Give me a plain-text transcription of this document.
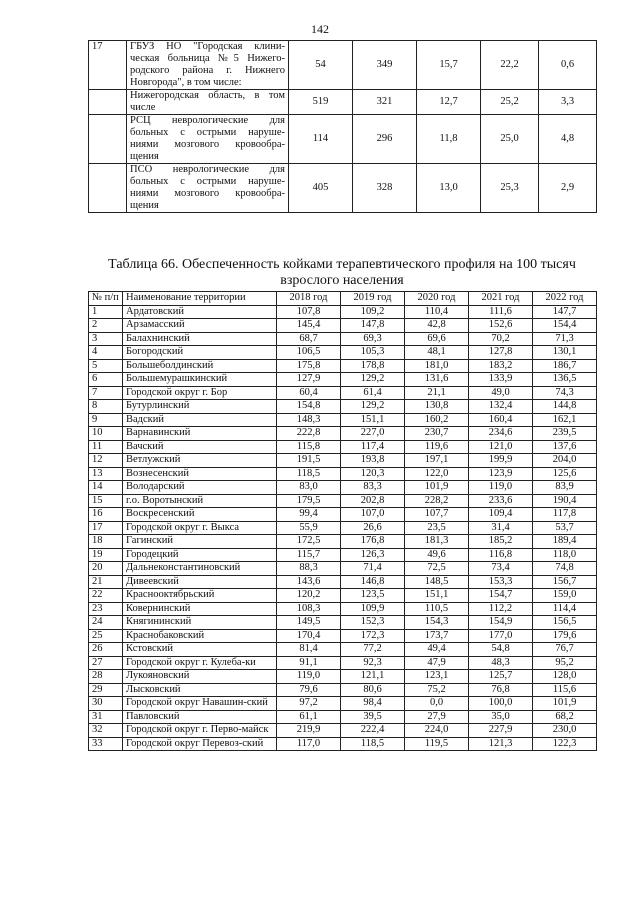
142
17	ГБУЗ НО "Городская клини-ческая больница №5 Нижего-родского района г. Нижнего Новгорода", в том числе:	54	349	15,7	22,2	0,6
	Нижегородская область, в том числе	519	321	12,7	25,2	3,3
	РСЦ неврологические для больных с острыми наруше-ниями мозгового кровообра-щения	114	296	11,8	25,0	4,8
	ПСО неврологические для больных с острыми наруше-ниями мозгового кровообра-щения	405	328	13,0	25,3	2,9
Таблица 66. Обеспеченность койками терапевтического профиля на 100 тысяч взрослого населения
№ п/п	Наименование территории	2018 год	2019 год	2020 год	2021 год	2022 год
1	Ардатовский	107,8	109,2	110,4	111,6	147,7
2	Арзамасский	145,4	147,8	42,8	152,6	154,4
3	Балахнинский	68,7	69,3	69,6	70,2	71,3
4	Богородский	106,5	105,3	48,1	127,8	130,1
5	Большеболдинский	175,8	178,8	181,0	183,2	186,7
6	Большемурашкинский	127,9	129,2	131,6	133,9	136,5
7	Городской округ г. Бор	60,4	61,4	21,1	49,0	74,3
8	Бутурлинский	154,8	129,2	130,8	132,4	144,8
9	Вадский	148,3	151,1	160,2	160,4	162,1
10	Варнавинский	222,8	227,0	230,7	234,6	239,5
11	Вачский	115,8	117,4	119,6	121,0	137,6
12	Ветлужский	191,5	193,8	197,1	199,9	204,0
13	Вознесенский	118,5	120,3	122,0	123,9	125,6
14	Володарский	83,0	83,3	101,9	119,0	83,9
15	г.о. Воротынский	179,5	202,8	228,2	233,6	190,4
16	Воскресенский	99,4	107,0	107,7	109,4	117,8
17	Городской округ г. Выкса	55,9	26,6	23,5	31,4	53,7
18	Гагинский	172,5	176,8	181,3	185,2	189,4
19	Городецкий	115,7	126,3	49,6	116,8	118,0
20	Дальнеконстантиновский	88,3	71,4	72,5	73,4	74,8
21	Дивеевский	143,6	146,8	148,5	153,3	156,7
22	Краснооктябрьский	120,2	123,5	151,1	154,7	159,0
23	Ковернинский	108,3	109,9	110,5	112,2	114,4
24	Княгининский	149,5	152,3	154,3	154,9	156,5
25	Краснобаковский	170,4	172,3	173,7	177,0	179,6
26	Кстовский	81,4	77,2	49,4	54,8	76,7
27	Городской округ г. Кулеба-ки	91,1	92,3	47,9	48,3	95,2
28	Лукояновский	119,0	121,1	123,1	125,7	128,0
29	Лысковский	79,6	80,6	75,2	76,8	115,6
30	Городской округ Навашин-ский	97,2	98,4	0,0	100,0	101,9
31	Павловский	61,1	39,5	27,9	35,0	68,2
32	Городской округ г. Перво-майск	219,9	222,4	224,0	227,9	230,0
33	Городской округ Перевоз-ский	117,0	118,5	119,5	121,3	122,3
